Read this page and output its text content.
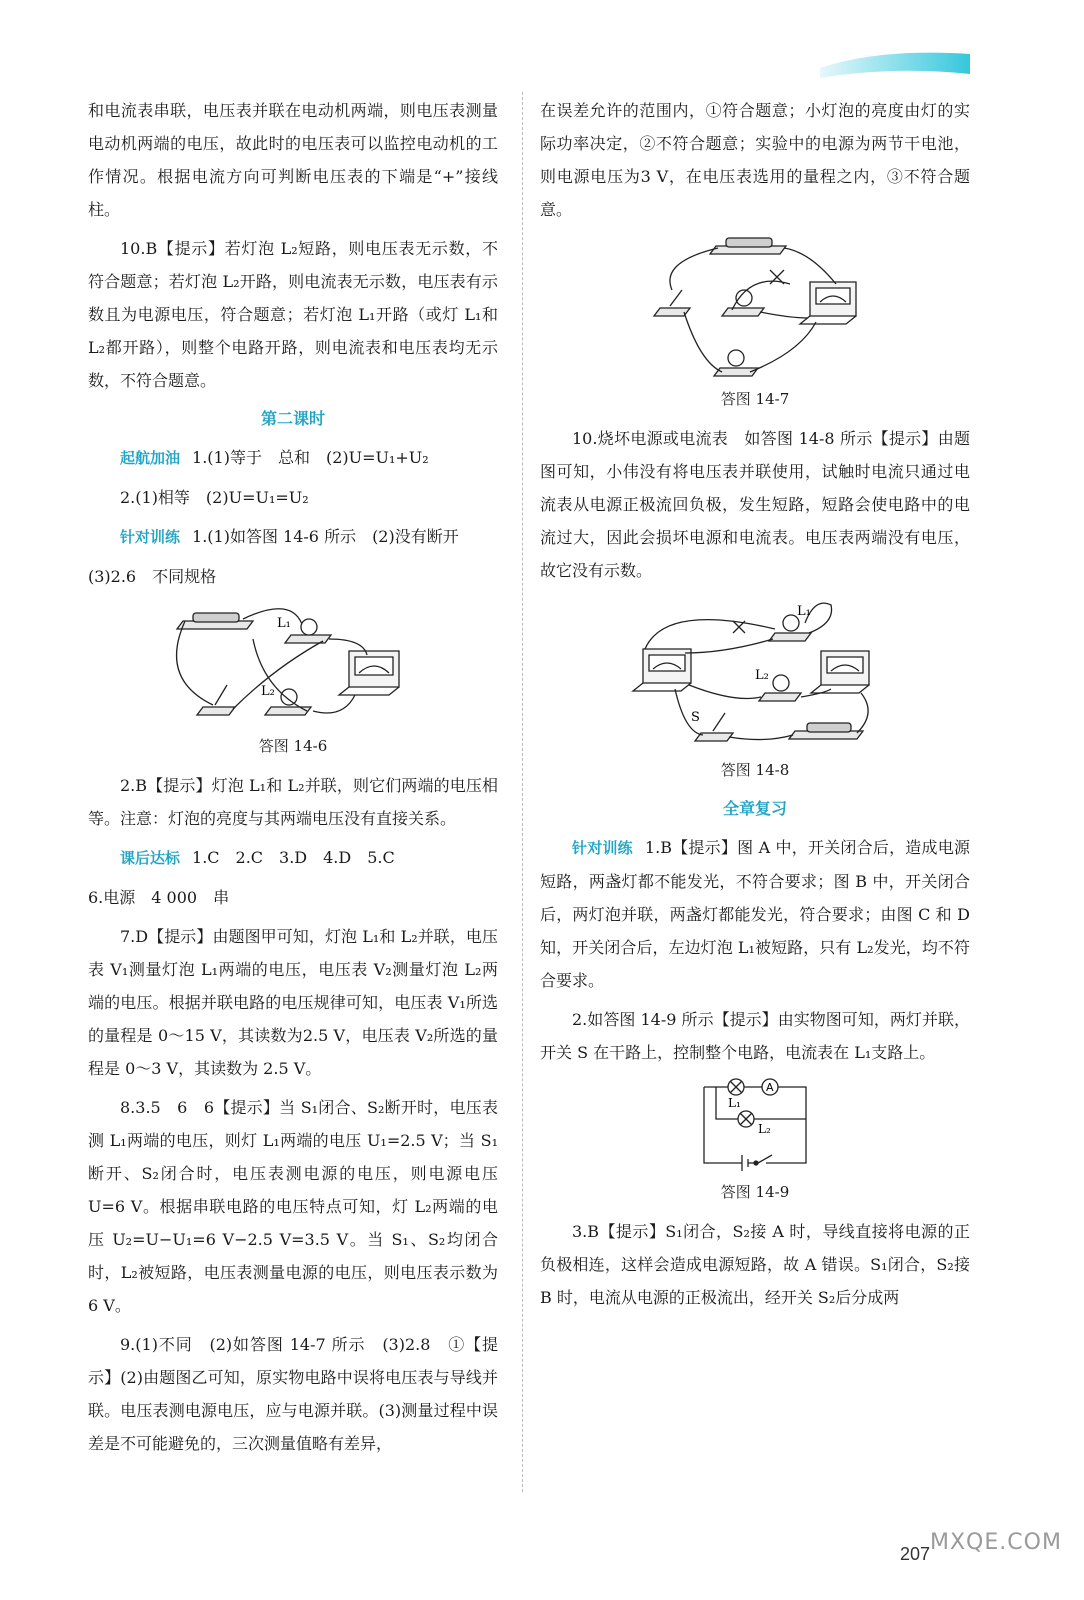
和电流表串联，电压表并联在电动机两端，则电压表测量电动机两端的电压，故此时的电压表可以监控电动机的工作情况。根据电流方向可判断电压表的下端是“+”接线柱。

10.B【提示】若灯泡 L₂短路，则电压表无示数，不符合题意；若灯泡 L₂开路，则电流表无示数，电压表有示数且为电源电压，符合题意；若灯泡 L₁开路（或灯 L₁和 L₂都开路），则整个电路开路，则电流表和电压表均无示数，不符合题意。

第二课时

起航加油 1.(1)等于　总和　(2)U=U₁+U₂

2.(1)相等　(2)U=U₁=U₂

针对训练 1.(1)如答图 14-6 所示　(2)没有断开

(3)2.6　不同规格

L₁
L₂
答图 14-6

2.B【提示】灯泡 L₁和 L₂并联，则它们两端的电压相等。注意：灯泡的亮度与其两端电压没有直接关系。

课后达标 1.C　2.C　3.D　4.D　5.C

6.电源　4 000　串

7.D【提示】由题图甲可知，灯泡 L₁和 L₂并联，电压表 V₁测量灯泡 L₁两端的电压，电压表 V₂测量灯泡 L₂两端的电压。根据并联电路的电压规律可知，电压表 V₁所选的量程是 0～15 V，其读数为2.5 V，电压表 V₂所选的量程是 0～3 V，其读数为 2.5 V。

8.3.5　6　6【提示】当 S₁闭合、S₂断开时，电压表测 L₁两端的电压，则灯 L₁两端的电压 U₁=2.5 V；当 S₁断开、S₂闭合时，电压表测电源的电压，则电源电压 U=6 V。根据串联电路的电压特点可知，灯 L₂两端的电压 U₂=U−U₁=6 V−2.5 V=3.5 V。当 S₁、S₂均闭合时，L₂被短路，电压表测量电源的电压，则电压表示数为 6 V。

9.(1)不同　(2)如答图 14-7 所示　(3)2.8　①【提示】(2)由题图乙可知，原实物电路中误将电压表与导线并联。电压表测电源电压，应与电源并联。(3)测量过程中误差是不可能避免的，三次测量值略有差异，

在误差允许的范围内，①符合题意；小灯泡的亮度由灯的实际功率决定，②不符合题意；实验中的电源为两节干电池，则电源电压为3 V，在电压表选用的量程之内，③不符合题意。

答图 14-7

10.烧坏电源或电流表　如答图 14-8 所示【提示】由题图可知，小伟没有将电压表并联使用，试触时电流只通过电流表从电源正极流回负极，发生短路，短路会使电路中的电流过大，因此会损坏电源和电流表。电压表两端没有电压，故它没有示数。

L₁
L₂
S
答图 14-8
全章复习

针对训练 1.B【提示】图 A 中，开关闭合后，造成电源短路，两盏灯都不能发光，不符合要求；图 B 中，开关闭合后，两灯泡并联，两盏灯都能发光，符合要求；由图 C 和 D 知，开关闭合后，左边灯泡 L₁被短路，只有 L₂发光，均不符合要求。

2.如答图 14-9 所示【提示】由实物图可知，两灯并联，开关 S 在干路上，控制整个电路，电流表在 L₁支路上。

A
L₁
L₂
答图 14-9

3.B【提示】S₁闭合，S₂接 A 时，导线直接将电源的正负极相连，这样会造成电源短路，故 A 错误。S₁闭合，S₂接 B 时，电流从电源的正极流出，经开关 S₂后分成两

207 MXQE.COM
